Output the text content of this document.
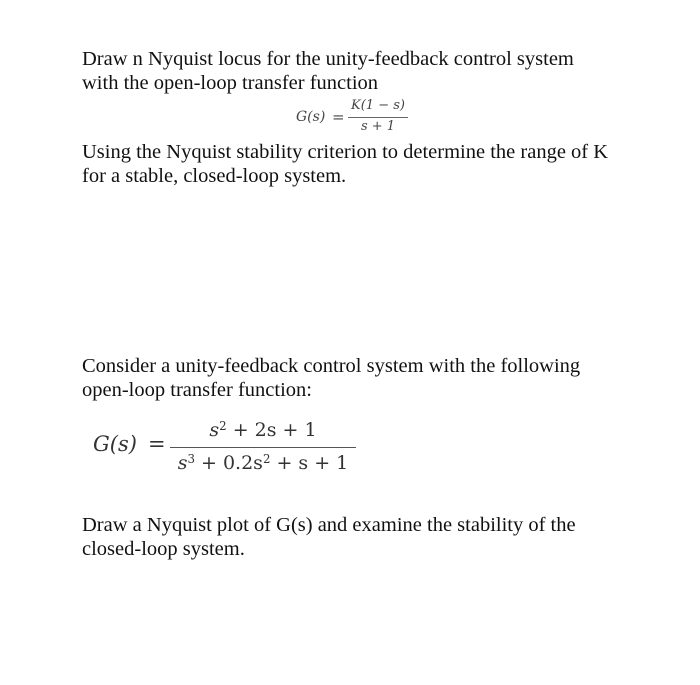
Draw n Nyquist locus for the unity-feedback control system
with the open-loop transfer function

G(s) =
K(1 − s)
s + 1

Using the Nyquist stability criterion to determine the range of K
for a stable, closed-loop system.

Consider a unity-feedback control system with the following
open-loop transfer function:

G(s) =
$s^2 + 2s + 1$
$s^3 + 0.2s^2 + s + 1$

Draw a Nyquist plot of G(s) and examine the stability of the
closed-loop system.
